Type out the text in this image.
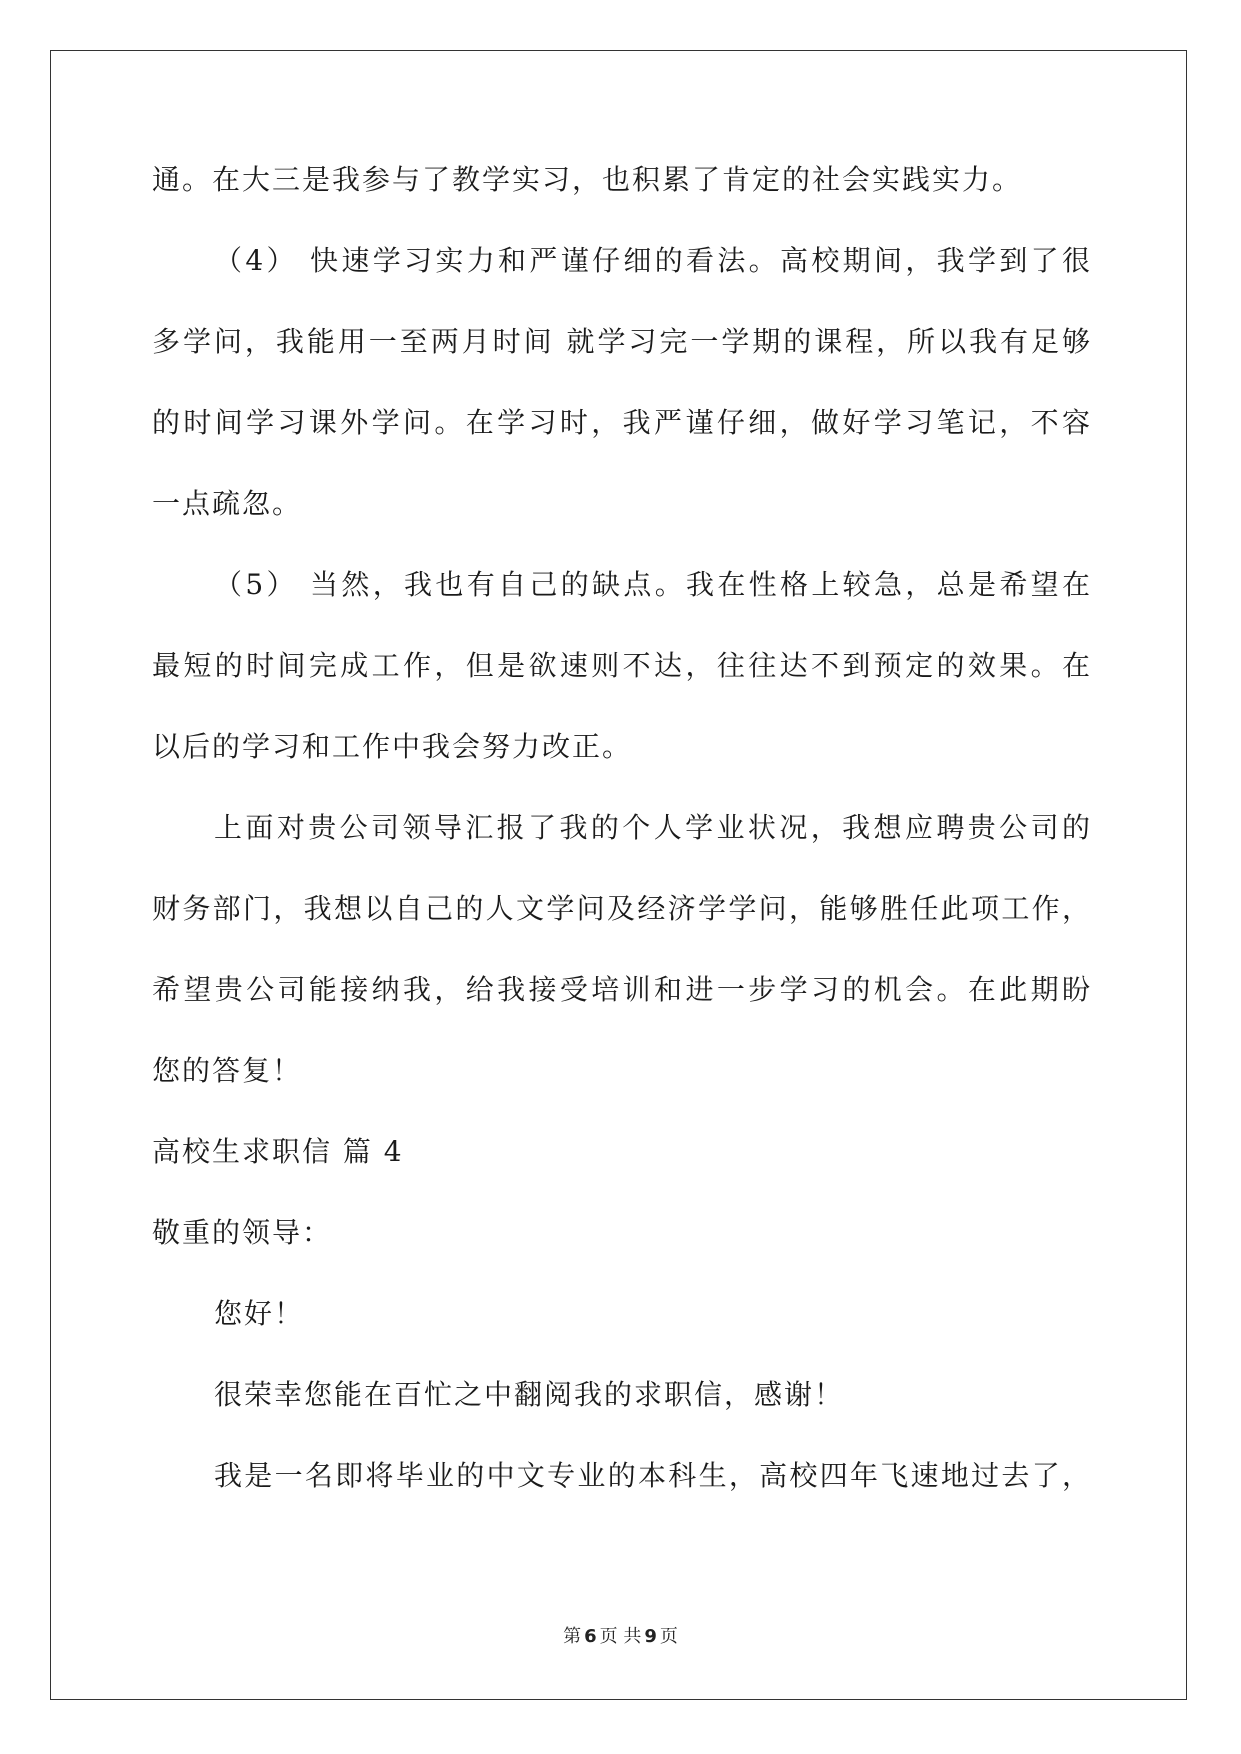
通。在大三是我参与了教学实习，也积累了肯定的社会实践实力。
（4） 快速学习实力和严谨仔细的看法。高校期间，我学到了很
多学问，我能用一至两月时间 就学习完一学期的课程，所以我有足够
的时间学习课外学问。在学习时，我严谨仔细，做好学习笔记，不容
一点疏忽。
（5） 当然，我也有自己的缺点。我在性格上较急，总是希望在
最短的时间完成工作，但是欲速则不达，往往达不到预定的效果。在
以后的学习和工作中我会努力改正。
上面对贵公司领导汇报了我的个人学业状况，我想应聘贵公司的
财务部门，我想以自己的人文学问及经济学学问，能够胜任此项工作，
希望贵公司能接纳我，给我接受培训和进一步学习的机会。在此期盼
您的答复！
高校生求职信 篇 4
敬重的领导：
您好！
很荣幸您能在百忙之中翻阅我的求职信，感谢！
我是一名即将毕业的中文专业的本科生，高校四年飞速地过去了，
第 6 页 共 9 页
